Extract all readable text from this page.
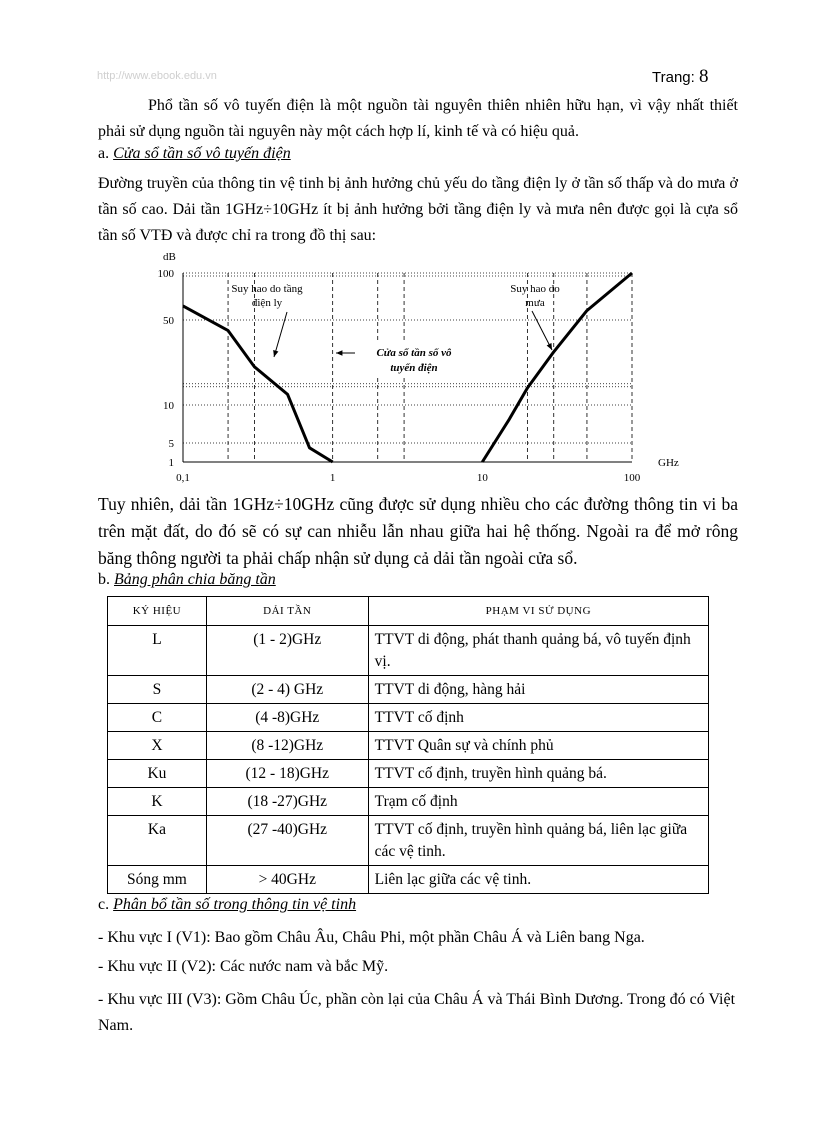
http://www.ebook.edu.vn	Trang: 8
Phổ tần số vô tuyến điện là một nguồn tài nguyên thiên nhiên hữu hạn, vì vậy nhất thiết phải sử dụng nguồn tài nguyên này một cách hợp lí, kinh tế và có hiệu quả.
a. Cửa sổ tần số vô tuyến điện
Đường truyền của thông tin vệ tinh bị ảnh hưởng chủ yếu do tầng điện ly ở tần số thấp và do mưa ở tần số cao. Dải tần 1GHz÷10GHz ít bị ảnh hưởng bởi tầng điện ly và mưa nên được gọi là cựa sổ tần số VTĐ và được chỉ ra trong đồ thị sau:
100
50
10
5
1
0,1	1	10	100
dB
GHz
Suy hao do tầng
điện ly
Suy hao do
mưa
Cửa sổ tần số vô
tuyến điện
Tuy nhiên, dải tần 1GHz÷10GHz cũng được sử dụng nhiều cho các đường thông tin vi ba trên mặt đất, do đó sẽ có sự can nhiễu lẫn nhau giữa hai hệ thống. Ngoài ra để mở rông băng thông người ta phải chấp nhận sử dụng cả dải tần ngoài cửa sổ.
b. Bảng phân chia băng tần
KÝ HIỆU	DẢI TẦN	PHẠM VI SỬ DỤNG
L	(1 - 2)GHz	TTVT di động, phát thanh quảng bá, vô tuyến định vị.
S	(2 - 4) GHz	TTVT di động, hàng hải
C	(4 -8)GHz	TTVT cố định
X	(8 -12)GHz	TTVT Quân sự và chính phủ
Ku	(12 - 18)GHz	TTVT cố định, truyền hình quảng bá.
K	(18 -27)GHz	Trạm cố định
Ka	(27 -40)GHz	TTVT cố định, truyền hình quảng bá, liên lạc giữa các vệ tinh.
Sóng mm	> 40GHz	Liên lạc giữa các vệ tinh.
c. Phân bổ tần số trong thông tin vệ tinh
- Khu vực I (V1): Bao gồm Châu Âu, Châu Phi, một phần Châu Á và Liên bang Nga.
- Khu vực II (V2): Các nước nam và bắc Mỹ.
- Khu vực III (V3): Gồm Châu Úc, phần còn lại của Châu Á và Thái Bình Dương. Trong đó có Việt Nam.
